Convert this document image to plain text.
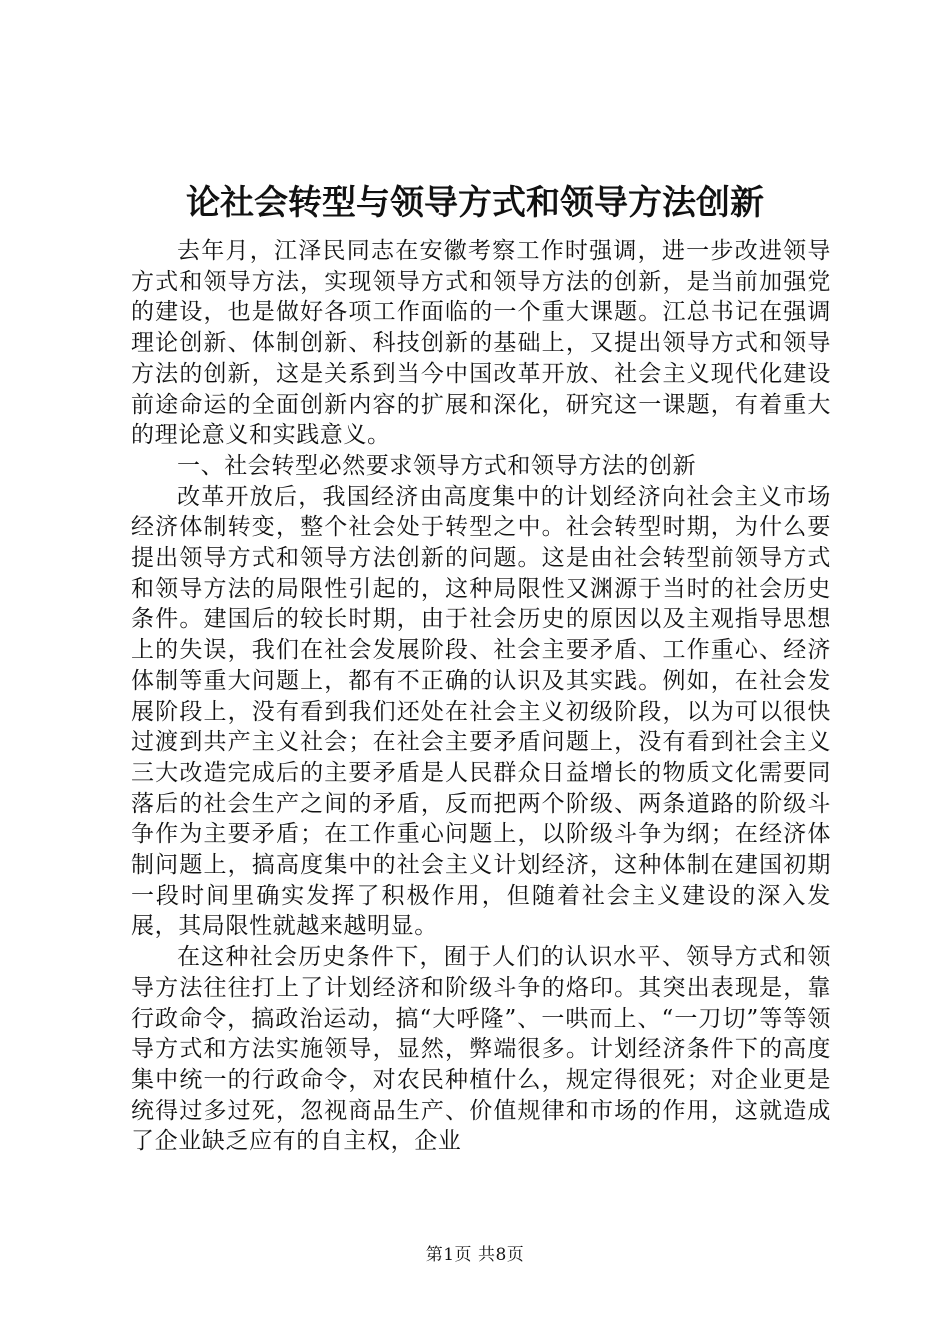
论社会转型与领导方式和领导方法创新

去年月，江泽民同志在安徽考察工作时强调，进一步改进领导方式和领导方法，实现领导方式和领导方法的创新，是当前加强党的建设，也是做好各项工作面临的一个重大课题。江总书记在强调理论创新、体制创新、科技创新的基础上，又提出领导方式和领导方法的创新，这是关系到当今中国改革开放、社会主义现代化建设前途命运的全面创新内容的扩展和深化，研究这一课题，有着重大的理论意义和实践意义。

一、社会转型必然要求领导方式和领导方法的创新

改革开放后，我国经济由高度集中的计划经济向社会主义市场经济体制转变，整个社会处于转型之中。社会转型时期，为什么要提出领导方式和领导方法创新的问题。这是由社会转型前领导方式和领导方法的局限性引起的，这种局限性又渊源于当时的社会历史条件。建国后的较长时期，由于社会历史的原因以及主观指导思想上的失误，我们在社会发展阶段、社会主要矛盾、工作重心、经济体制等重大问题上，都有不正确的认识及其实践。例如，在社会发展阶段上，没有看到我们还处在社会主义初级阶段，以为可以很快过渡到共产主义社会；在社会主要矛盾问题上，没有看到社会主义三大改造完成后的主要矛盾是人民群众日益增长的物质文化需要同落后的社会生产之间的矛盾，反而把两个阶级、两条道路的阶级斗争作为主要矛盾；在工作重心问题上，以阶级斗争为纲；在经济体制问题上，搞高度集中的社会主义计划经济，这种体制在建国初期一段时间里确实发挥了积极作用，但随着社会主义建设的深入发展，其局限性就越来越明显。

在这种社会历史条件下，囿于人们的认识水平、领导方式和领导方法往往打上了计划经济和阶级斗争的烙印。其突出表现是，靠行政命令，搞政治运动，搞“大呼隆”、一哄而上、“一刀切”等等领导方式和方法实施领导，显然，弊端很多。计划经济条件下的高度集中统一的行政命令，对农民种植什么，规定得很死；对企业更是统得过多过死，忽视商品生产、价值规律和市场的作用，这就造成了企业缺乏应有的自主权，企业

第1页 共8页
